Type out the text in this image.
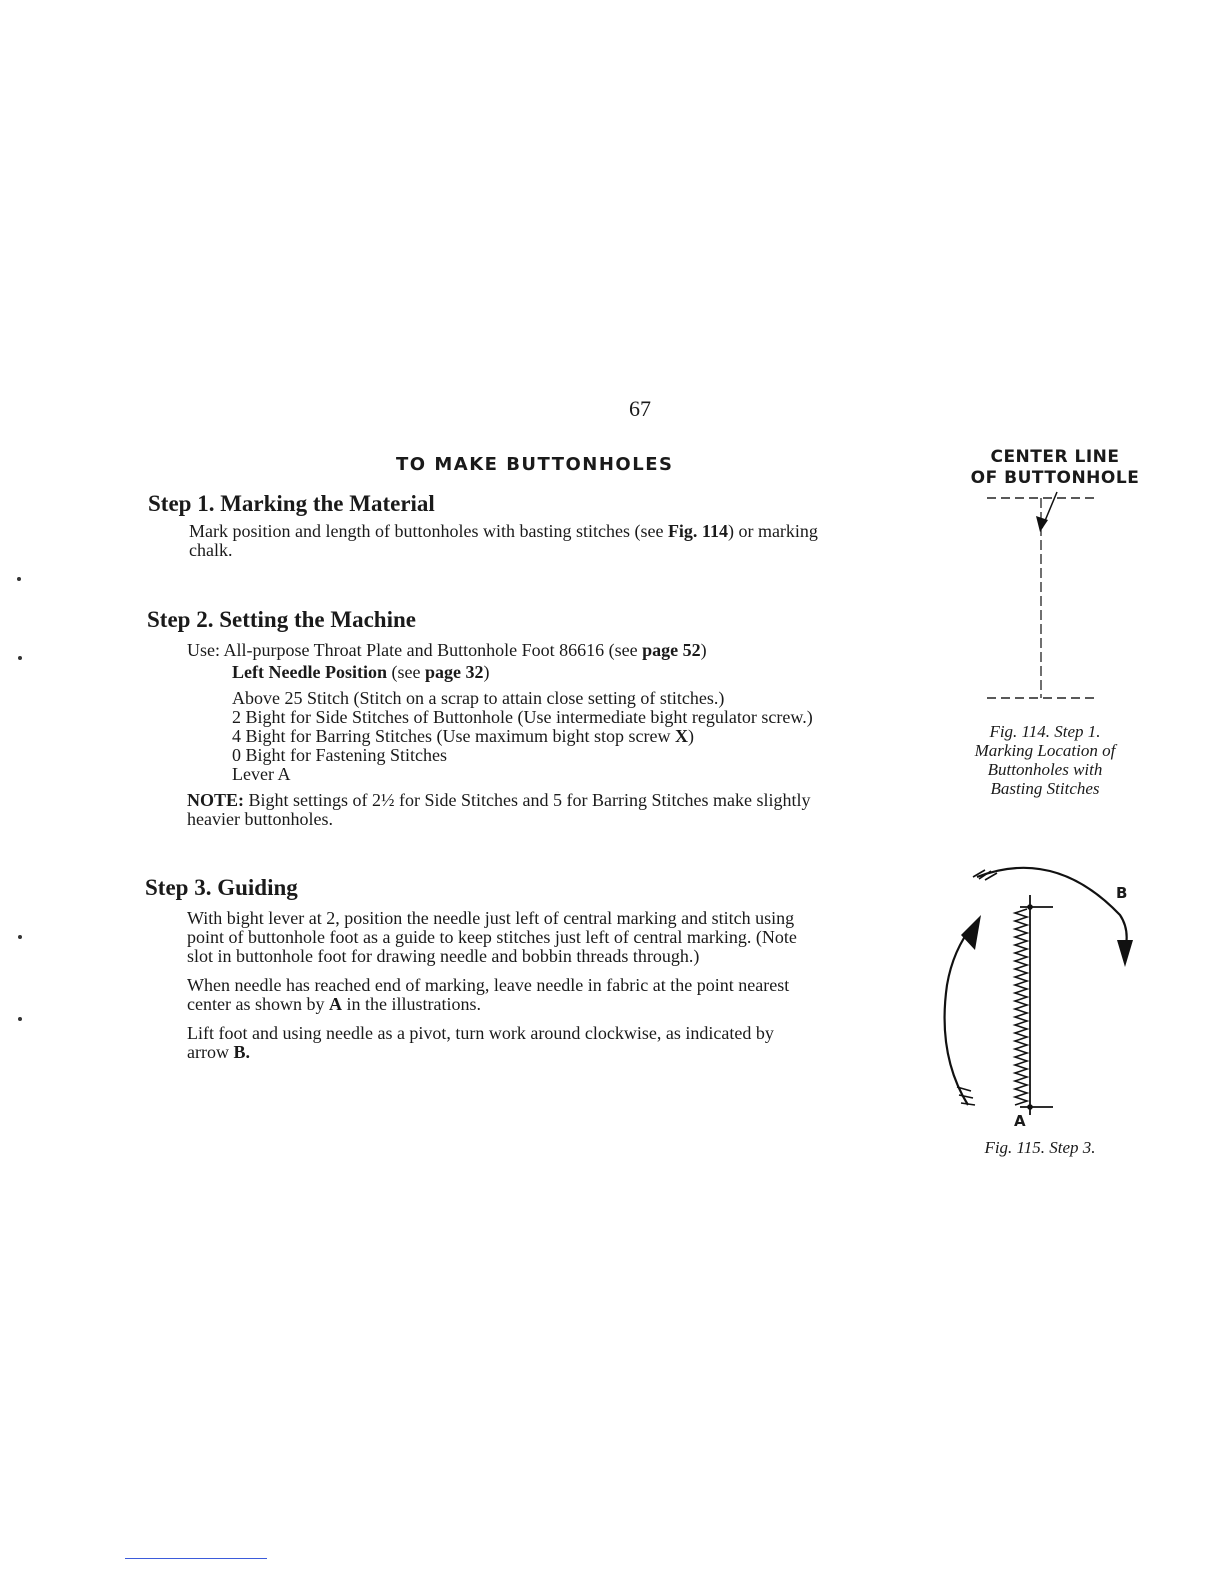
67
TO MAKE BUTTONHOLES
Step 1. Marking the Material
Mark position and length of buttonholes with basting stitches (see Fig. 114) or marking
chalk.
Step 2. Setting the Machine
Use: All-purpose Throat Plate and Buttonhole Foot 86616 (see page 52)
Left Needle Position (see page 32)
Above 25 Stitch (Stitch on a scrap to attain close setting of stitches.)
2 Bight for Side Stitches of Buttonhole (Use intermediate bight regulator screw.)
4 Bight for Barring Stitches (Use maximum bight stop screw X)
0 Bight for Fastening Stitches
Lever A
NOTE: Bight settings of 2½ for Side Stitches and 5 for Barring Stitches make slightly
heavier buttonholes.
Step 3. Guiding
With bight lever at 2, position the needle just left of central marking and stitch using
point of buttonhole foot as a guide to keep stitches just left of central marking. (Note
slot in buttonhole foot for drawing needle and bobbin threads through.)
When needle has reached end of marking, leave needle in fabric at the point nearest
center as shown by A in the illustrations.
Lift foot and using needle as a pivot, turn work around clockwise, as indicated by
arrow B.
CENTER LINE
OF BUTTONHOLE
Fig. 114. Step 1.
Marking Location of
Buttonholes with
Basting Stitches
B
A
Fig. 115. Step 3.
